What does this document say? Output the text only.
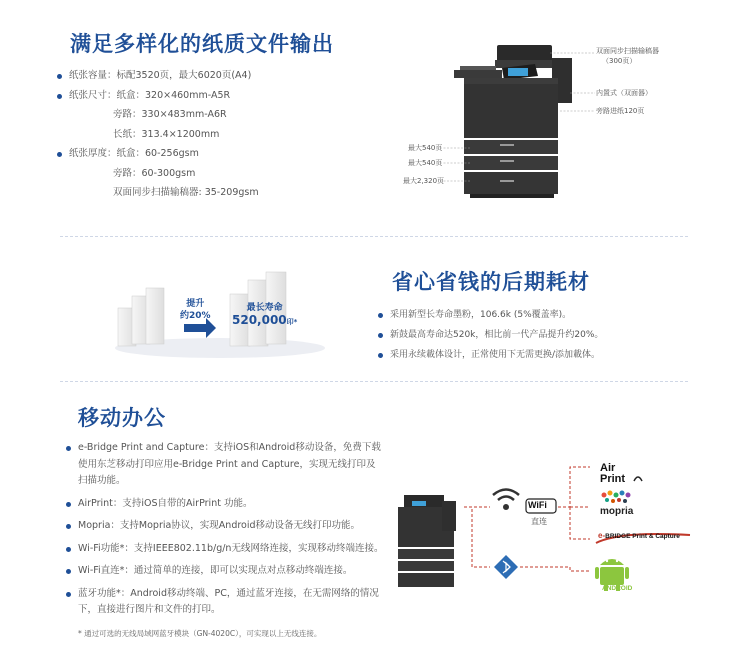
满足多样化的纸质文件输出
纸张容量：标配3520页，最大6020页(A4)
纸张尺寸：纸盒：320×460mm-A5R
旁路：330×483mm-A6R
长纸：313.4×1200mm
纸张厚度：纸盒：60-256gsm
旁路：60-300gsm
双面同步扫描输稿器: 35-209gsm
双面同步扫描输稿器
（300页）
内置式（双面器）
旁路进纸120页
最大540页
最大540页
最大2,320页
提升
约20%
最长寿命
520,000印*
省心省钱的后期耗材
采用新型长寿命墨粉，106.6k (5%覆盖率)。
新鼓最高寿命达520k，相比前一代产品提升约20%。
采用永续載体设计，正常使用下无需更换/添加載体。
移动办公
e-Bridge Print and Capture：支持iOS和Android移动设备，免费下载使用东芝移动打印应用e-Bridge Print and Capture，实现无线打印及扫描功能。
AirPrint：支持iOS自带的AirPrint 功能。
Mopria：支持Mopria协议，实现Android移动设备无线打印功能。
Wi-Fi功能*：支持IEEE802.11b/g/n无线网络连接，实现移动终端连接。
Wi-Fi直连*：通过简单的连接，即可以实现点对点移动终端连接。
蓝牙功能*：Android移动终端、PC，通过蓝牙连接，在无需网络的情况下，直接进行图片和文件的打印。
* 通过可选的无线局域网蓝牙模块（GN-4020C），可实现以上无线连接。
WiFi
直连
Air
Print
mopria
e-BRIDGE Print & Capture
ANDROID
